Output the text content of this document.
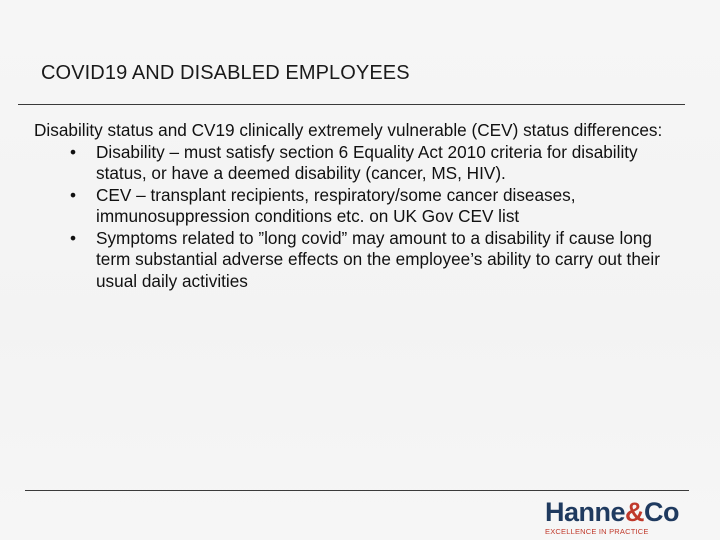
COVID19 AND DISABLED EMPLOYEES

Disability status and CV19 clinically extremely vulnerable (CEV) status differences:

• Disability – must satisfy section 6 Equality Act 2010 criteria for disability status, or have a deemed disability (cancer, MS, HIV).
• CEV – transplant recipients, respiratory/some cancer diseases, immunosuppression conditions etc. on UK Gov CEV list
• Symptoms related to ”long covid” may amount to a disability if cause long term substantial adverse effects on the employee’s ability to carry out their usual daily activities
Hanne&Co
EXCELLENCE IN PRACTICE
